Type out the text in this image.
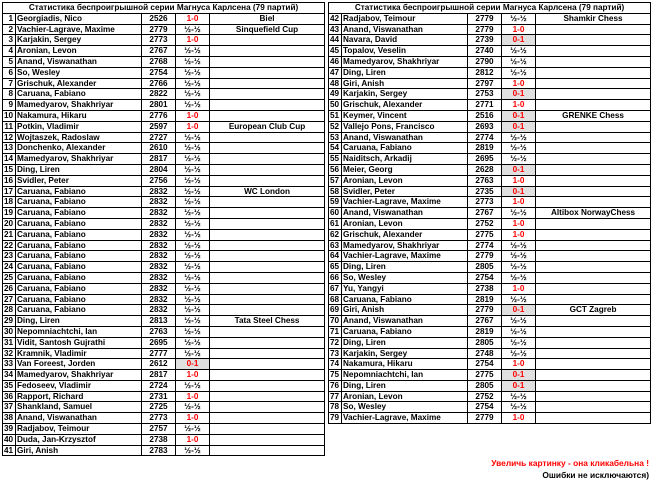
Статистика беспроигрышной серии Магнуса Карлсена (79 партий)				
1	Georgiadis, Nico	2526	1-0	Biel
2	Vachier-Lagrave, Maxime	2779	½-½	Sinquefield Cup
3	Karjakin, Sergey	2773	1-0	
4	Aronian, Levon	2767	½-½	
5	Anand, Viswanathan	2768	½-½	
6	So, Wesley	2754	½-½	
7	Grischuk, Alexander	2766	½-½	
8	Caruana, Fabiano	2822	½-½	
9	Mamedyarov, Shakhriyar	2801	½-½	
10	Nakamura, Hikaru	2776	1-0	
11	Potkin, Vladimir	2597	1-0	European Club Cup
12	Wojtaszek, Radoslaw	2727	½-½	
13	Donchenko, Alexander	2610	½-½	
14	Mamedyarov, Shakhriyar	2817	½-½	
15	Ding, Liren	2804	½-½	
16	Svidler, Peter	2756	½-½	
17	Caruana, Fabiano	2832	½-½	WC London
18	Caruana, Fabiano	2832	½-½	
19	Caruana, Fabiano	2832	½-½	
20	Caruana, Fabiano	2832	½-½	
21	Caruana, Fabiano	2832	½-½	
22	Caruana, Fabiano	2832	½-½	
23	Caruana, Fabiano	2832	½-½	
24	Caruana, Fabiano	2832	½-½	
25	Caruana, Fabiano	2832	½-½	
26	Caruana, Fabiano	2832	½-½	
27	Caruana, Fabiano	2832	½-½	
28	Caruana, Fabiano	2832	½-½	
29	Ding, Liren	2813	½-½	Tata Steel Chess
30	Nepomniachtchi, Ian	2763	½-½	
31	Vidit, Santosh Gujrathi	2695	½-½	
32	Kramnik, Vladimir	2777	½-½	
33	Van Foreest, Jorden	2612	0-1	
34	Mamedyarov, Shakhriyar	2817	1-0	
35	Fedoseev, Vladimir	2724	½-½	
36	Rapport, Richard	2731	1-0	
37	Shankland, Samuel	2725	½-½	
38	Anand, Viswanathan	2773	1-0	
39	Radjabov, Teimour	2757	½-½	
40	Duda, Jan-Krzysztof	2738	1-0	
41	Giri, Anish	2783	½-½	
Статистика беспроигрышной серии Магнуса Карлсена (79 партий)				
42	Radjabov, Teimour	2779	½-½	Shamkir Chess
43	Anand, Viswanathan	2779	1-0	
44	Navara, David	2739	0-1	
45	Topalov, Veselin	2740	½-½	
46	Mamedyarov, Shakhriyar	2790	½-½	
47	Ding, Liren	2812	½-½	
48	Giri, Anish	2797	1-0	
49	Karjakin, Sergey	2753	0-1	
50	Grischuk, Alexander	2771	1-0	
51	Keymer, Vincent	2516	0-1	GRENKE Chess
52	Vallejo Pons, Francisco	2693	0-1	
53	Anand, Viswanathan	2774	½-½	
54	Caruana, Fabiano	2819	½-½	
55	Naiditsch, Arkadij	2695	½-½	
56	Meier, Georg	2628	0-1	
57	Aronian, Levon	2763	1-0	
58	Svidler, Peter	2735	0-1	
59	Vachier-Lagrave, Maxime	2773	1-0	
60	Anand, Viswanathan	2767	½-½	Altibox NorwayChess
61	Aronian, Levon	2752	1-0	
62	Grischuk, Alexander	2775	1-0	
63	Mamedyarov, Shakhriyar	2774	½-½	
64	Vachier-Lagrave, Maxime	2779	½-½	
65	Ding, Liren	2805	½-½	
66	So, Wesley	2754	½-½	
67	Yu, Yangyi	2738	1-0	
68	Caruana, Fabiano	2819	½-½	
69	Giri, Anish	2779	0-1	GCT Zagreb
70	Anand, Viswanathan	2767	½-½	
71	Caruana, Fabiano	2819	½-½	
72	Ding, Liren	2805	½-½	
73	Karjakin, Sergey	2748	½-½	
74	Nakamura, Hikaru	2754	1-0	
75	Nepomniachtchi, Ian	2775	0-1	
76	Ding, Liren	2805	0-1	
77	Aronian, Levon	2752	½-½	
78	So, Wesley	2754	½-½	
79	Vachier-Lagrave, Maxime	2779	1-0	
Увеличь картинку - она кликабельна !
Ошибки не исключаются)
